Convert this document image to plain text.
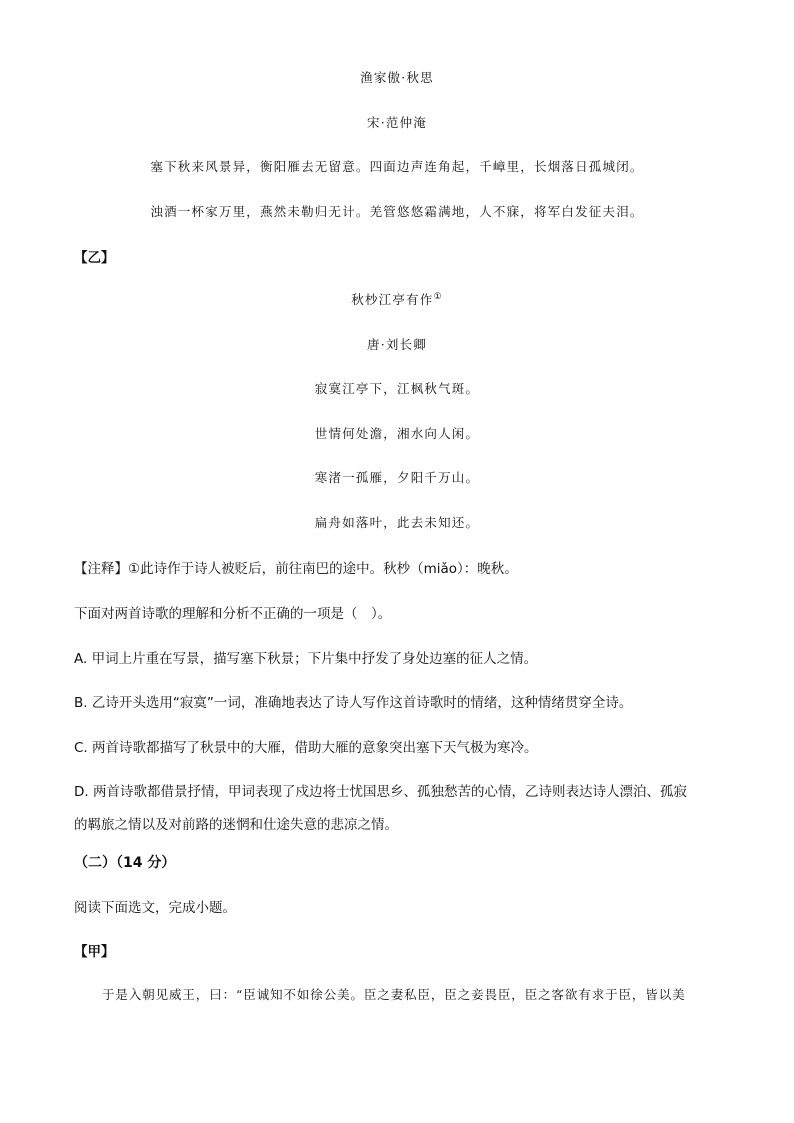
渔家傲·秋思
宋·范仲淹
塞下秋来风景异，衡阳雁去无留意。四面边声连角起，千嶂里，长烟落日孤城闭。
浊酒一杯家万里，燕然未勒归无计。羌管悠悠霜满地，人不寐，将军白发征夫泪。
【乙】
秋杪江亭有作①
唐·刘长卿
寂寞江亭下，江枫秋气斑。
世情何处澹，湘水向人闲。
寒渚一孤雁，夕阳千万山。
扁舟如落叶，此去未知还。
【注释】①此诗作于诗人被贬后，前往南巴的途中。秋杪（miǎo）：晚秋。
下面对两首诗歌的理解和分析不正确的一项是（　）。
A. 甲词上片重在写景，描写塞下秋景；下片集中抒发了身处边塞的征人之情。
B. 乙诗开头选用“寂寞”一词，准确地表达了诗人写作这首诗歌时的情绪，这种情绪贯穿全诗。
C. 两首诗歌都描写了秋景中的大雁，借助大雁的意象突出塞下天气极为寒冷。
D. 两首诗歌都借景抒情，甲词表现了戍边将士忧国思乡、孤独愁苦的心情，乙诗则表达诗人漂泊、孤寂
的羁旅之情以及对前路的迷惘和仕途失意的悲凉之情。
（二）（14 分）
阅读下面选文，完成小题。
【甲】
于是入朝见威王，曰：“臣诚知不如徐公美。臣之妻私臣，臣之妾畏臣，臣之客欲有求于臣，皆以美
